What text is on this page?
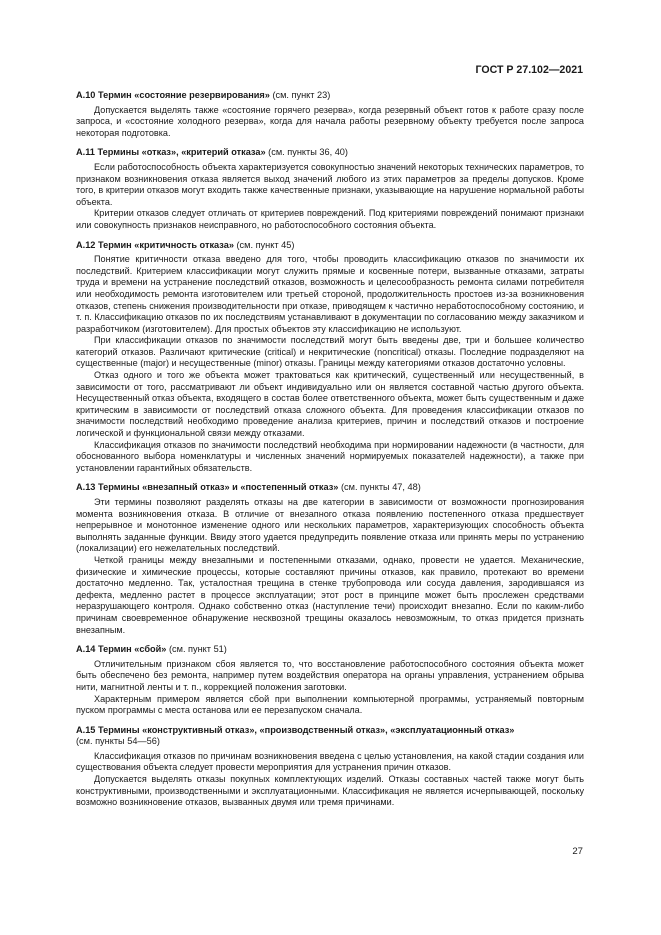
ГОСТ Р 27.102—2021
А.10 Термин «состояние резервирования» (см. пункт 23)

Допускается выделять также «состояние горячего резерва», когда резервный объект готов к работе сразу после запроса, и «состояние холодного резерва», когда для начала работы резервному объекту требуется после запроса некоторая подготовка.

А.11 Термины «отказ», «критерий отказа» (см. пункты 36, 40)

Если работоспособность объекта характеризуется совокупностью значений некоторых технических параметров, то признаком возникновения отказа является выход значений любого из этих параметров за пределы допусков. Кроме того, в критерии отказов могут входить также качественные признаки, указывающие на нарушение нормальной работы объекта.

Критерии отказов следует отличать от критериев повреждений. Под критериями повреждений понимают признаки или совокупность признаков неисправного, но работоспособного состояния объекта.

А.12 Термин «критичность отказа» (см. пункт 45)

Понятие критичности отказа введено для того, чтобы проводить классификацию отказов по значимости их последствий. Критерием классификации могут служить прямые и косвенные потери, вызванные отказами, затраты труда и времени на устранение последствий отказов, возможность и целесообразность ремонта силами потребителя или необходимость ремонта изготовителем или третьей стороной, продолжительность простоев из-за возникновения отказов, степень снижения производительности при отказе, приводящем к частично неработоспособному состоянию, и т. п. Классификацию отказов по их последствиям устанавливают в документации по согласованию между заказчиком и разработчиком (изготовителем). Для простых объектов эту классификацию не используют.

При классификации отказов по значимости последствий могут быть введены две, три и большее количество категорий отказов. Различают критические (critical) и некритические (noncritical) отказы. Последние подразделяют на существенные (major) и несущественные (minor) отказы. Границы между категориями отказов достаточно условны.

Отказ одного и того же объекта может трактоваться как критический, существенный или несущественный, в зависимости от того, рассматривают ли объект индивидуально или он является составной частью другого объекта. Несущественный отказ объекта, входящего в состав более ответственного объекта, может быть существенным и даже критическим в зависимости от последствий отказа сложного объекта. Для проведения классификации отказов по значимости последствий необходимо проведение анализа критериев, причин и последствий отказов и построение логической и функциональной связи между отказами.

Классификация отказов по значимости последствий необходима при нормировании надежности (в частности, для обоснованного выбора номенклатуры и численных значений нормируемых показателей надежности), а также при установлении гарантийных обязательств.

А.13 Термины «внезапный отказ» и «постепенный отказ» (см. пункты 47, 48)

Эти термины позволяют разделять отказы на две категории в зависимости от возможности прогнозирования момента возникновения отказа. В отличие от внезапного отказа появлению постепенного отказа предшествует непрерывное и монотонное изменение одного или нескольких параметров, характеризующих способность объекта выполнять заданные функции. Ввиду этого удается предупредить появление отказа или принять меры по устранению (локализации) его нежелательных последствий.

Четкой границы между внезапными и постепенными отказами, однако, провести не удается. Механические, физические и химические процессы, которые составляют причины отказов, как правило, протекают во времени достаточно медленно. Так, усталостная трещина в стенке трубопровода или сосуда давления, зародившаяся из дефекта, медленно растет в процессе эксплуатации; этот рост в принципе может быть прослежен средствами неразрушающего контроля. Однако собственно отказ (наступление течи) происходит внезапно. Если по каким-либо причинам своевременное обнаружение несквозной трещины оказалось невозможным, то отказ придется признать внезапным.

А.14 Термин «сбой» (см. пункт 51)

Отличительным признаком сбоя является то, что восстановление работоспособного состояния объекта может быть обеспечено без ремонта, например путем воздействия оператора на органы управления, устранением обрыва нити, магнитной ленты и т. п., коррекцией положения заготовки.

Характерным примером является сбой при выполнении компьютерной программы, устраняемый повторным пуском программы с места останова или ее перезапуском сначала.

А.15 Термины «конструктивный отказ», «производственный отказ», «эксплуатационный отказ»
(см. пункты 54—56)

Классификация отказов по причинам возникновения введена с целью установления, на какой стадии создания или существования объекта следует провести мероприятия для устранения причин отказов.

Допускается выделять отказы покупных комплектующих изделий. Отказы составных частей также могут быть конструктивными, производственными и эксплуатационными. Классификация не является исчерпывающей, поскольку возможно возникновение отказов, вызванных двумя или тремя причинами.

27
